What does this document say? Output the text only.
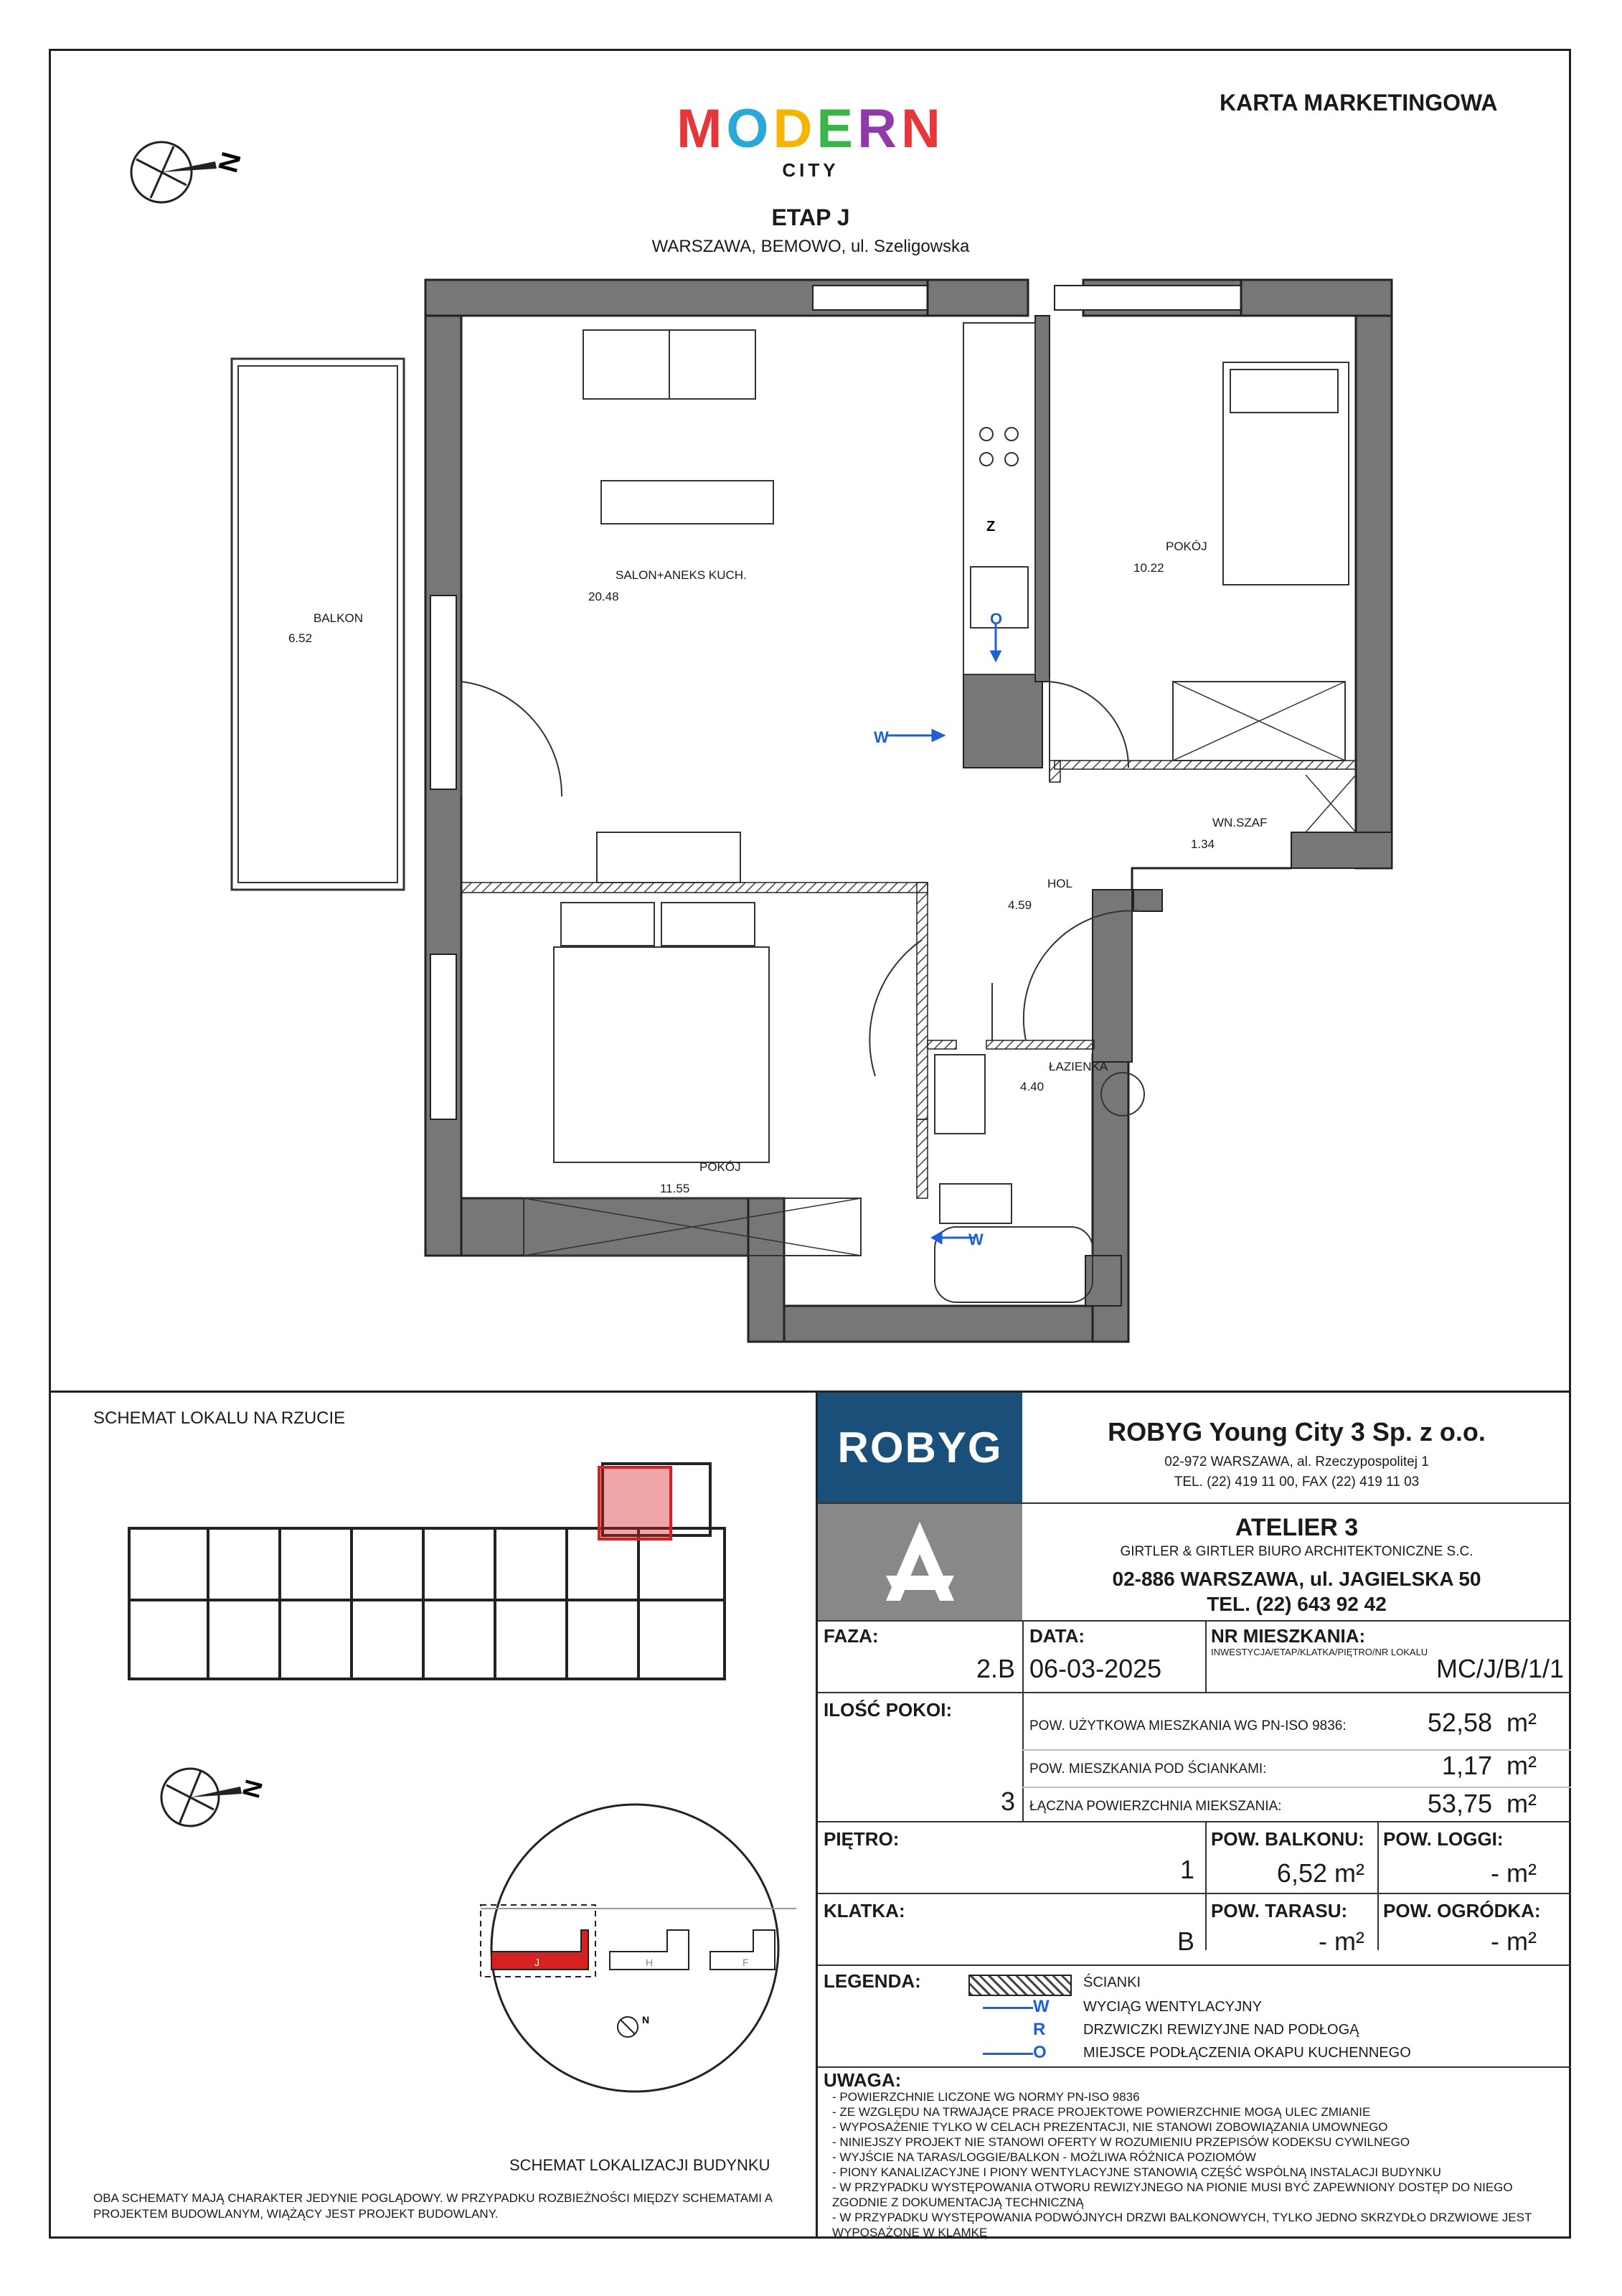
KARTA MARKETINGOWA
MODERN
CITY
ETAP J
WARSZAWA, BEMOWO, ul. Szeligowska
N
Z
W
O
W
SALON+ANEKS KUCH.
20.48
POKÓJ
10.22
BALKON
6.52
WN.SZAF
1.34
HOL
4.59
ŁAZIENKA
4.40
POKÓJ
11.55
SCHEMAT LOKALU NA RZUCIE
N
J	H	F
N
SCHEMAT LOKALIZACJI BUDYNKU
OBA SCHEMATY MAJĄ CHARAKTER JEDYNIE POGLĄDOWY. W PRZYPADKU ROZBIEŻNOŚCI MIĘDZY SCHEMATAMI A PROJEKTEM BUDOWLANYM, WIĄŻĄCY JEST PROJEKT BUDOWLANY.
ROBYG	ROBYG Young City 3 Sp. z o.o.
02-972 WARSZAWA, al. Rzeczypospolitej 1
TEL. (22) 419 11 00, FAX (22) 419 11 03
ATELIER 3
GIRTLER & GIRTLER BIURO ARCHITEKTONICZNE S.C.
02-886 WARSZAWA, ul. JAGIELSKA 50
TEL. (22) 643 92 42
FAZA:
2.B
DATA:
06-03-2025
NR MIESZKANIA:
INWESTYCJA/ETAP/KLATKA/PIĘTRO/NR LOKALU
MC/J/B/1/1
ILOŚĆ POKOI:
3
POW. UŻYTKOWA MIESZKANIA WG PN-ISO 9836:	52,58 m²
POW. MIESZKANIA POD ŚCIANKAMI:	1,17 m²
ŁĄCZNA POWIERZCHNIA MIEKSZANIA:	53,75 m²
PIĘTRO:
1
POW. BALKONU:
6,52 m²
POW. LOGGI:
- m²
KLATKA:
B
POW. TARASU:
- m²
POW. OGRÓDKA:
- m²
LEGENDA:	ŚCIANKI
W WYCIĄG WENTYLACYJNY
R	DRZWICZKI REWIZYJNE NAD PODŁOGĄ
O	MIEJSCE PODŁĄCZENIA OKAPU KUCHENNEGO
UWAGA:
- POWIERZCHNIE LICZONE WG NORMY PN-ISO 9836
- ZE WZGLĘDU NA TRWAJĄCE PRACE PROJEKTOWE POWIERZCHNIE MOGĄ ULEC ZMIANIE
- WYPOSAŻENIE TYLKO W CELACH PREZENTACJI, NIE STANOWI ZOBOWIĄZANIA UMOWNEGO
- NINIEJSZY PROJEKT NIE STANOWI OFERTY W ROZUMIENIU PRZEPISÓW KODEKSU CYWILNEGO
- WYJŚCIE NA TARAS/LOGGIE/BALKON - MOŻLIWA RÓŻNICA POZIOMÓW
- PIONY KANALIZACYJNE I PIONY WENTYLACYJNE STANOWIĄ CZĘŚĆ WSPÓLNĄ INSTALACJI BUDYNKU
- W PRZYPADKU WYSTĘPOWANIA OTWORU REWIZYJNEGO NA PIONIE MUSI BYĆ ZAPEWNIONY DOSTĘP DO NIEGO ZGODNIE Z DOKUMENTACJĄ TECHNICZNĄ
- W PRZYPADKU WYSTĘPOWANIA PODWÓJNYCH DRZWI BALKONOWYCH, TYLKO JEDNO SKRZYDŁO DRZWIOWE JEST WYPOSAŻONE W KLAMKĘ
